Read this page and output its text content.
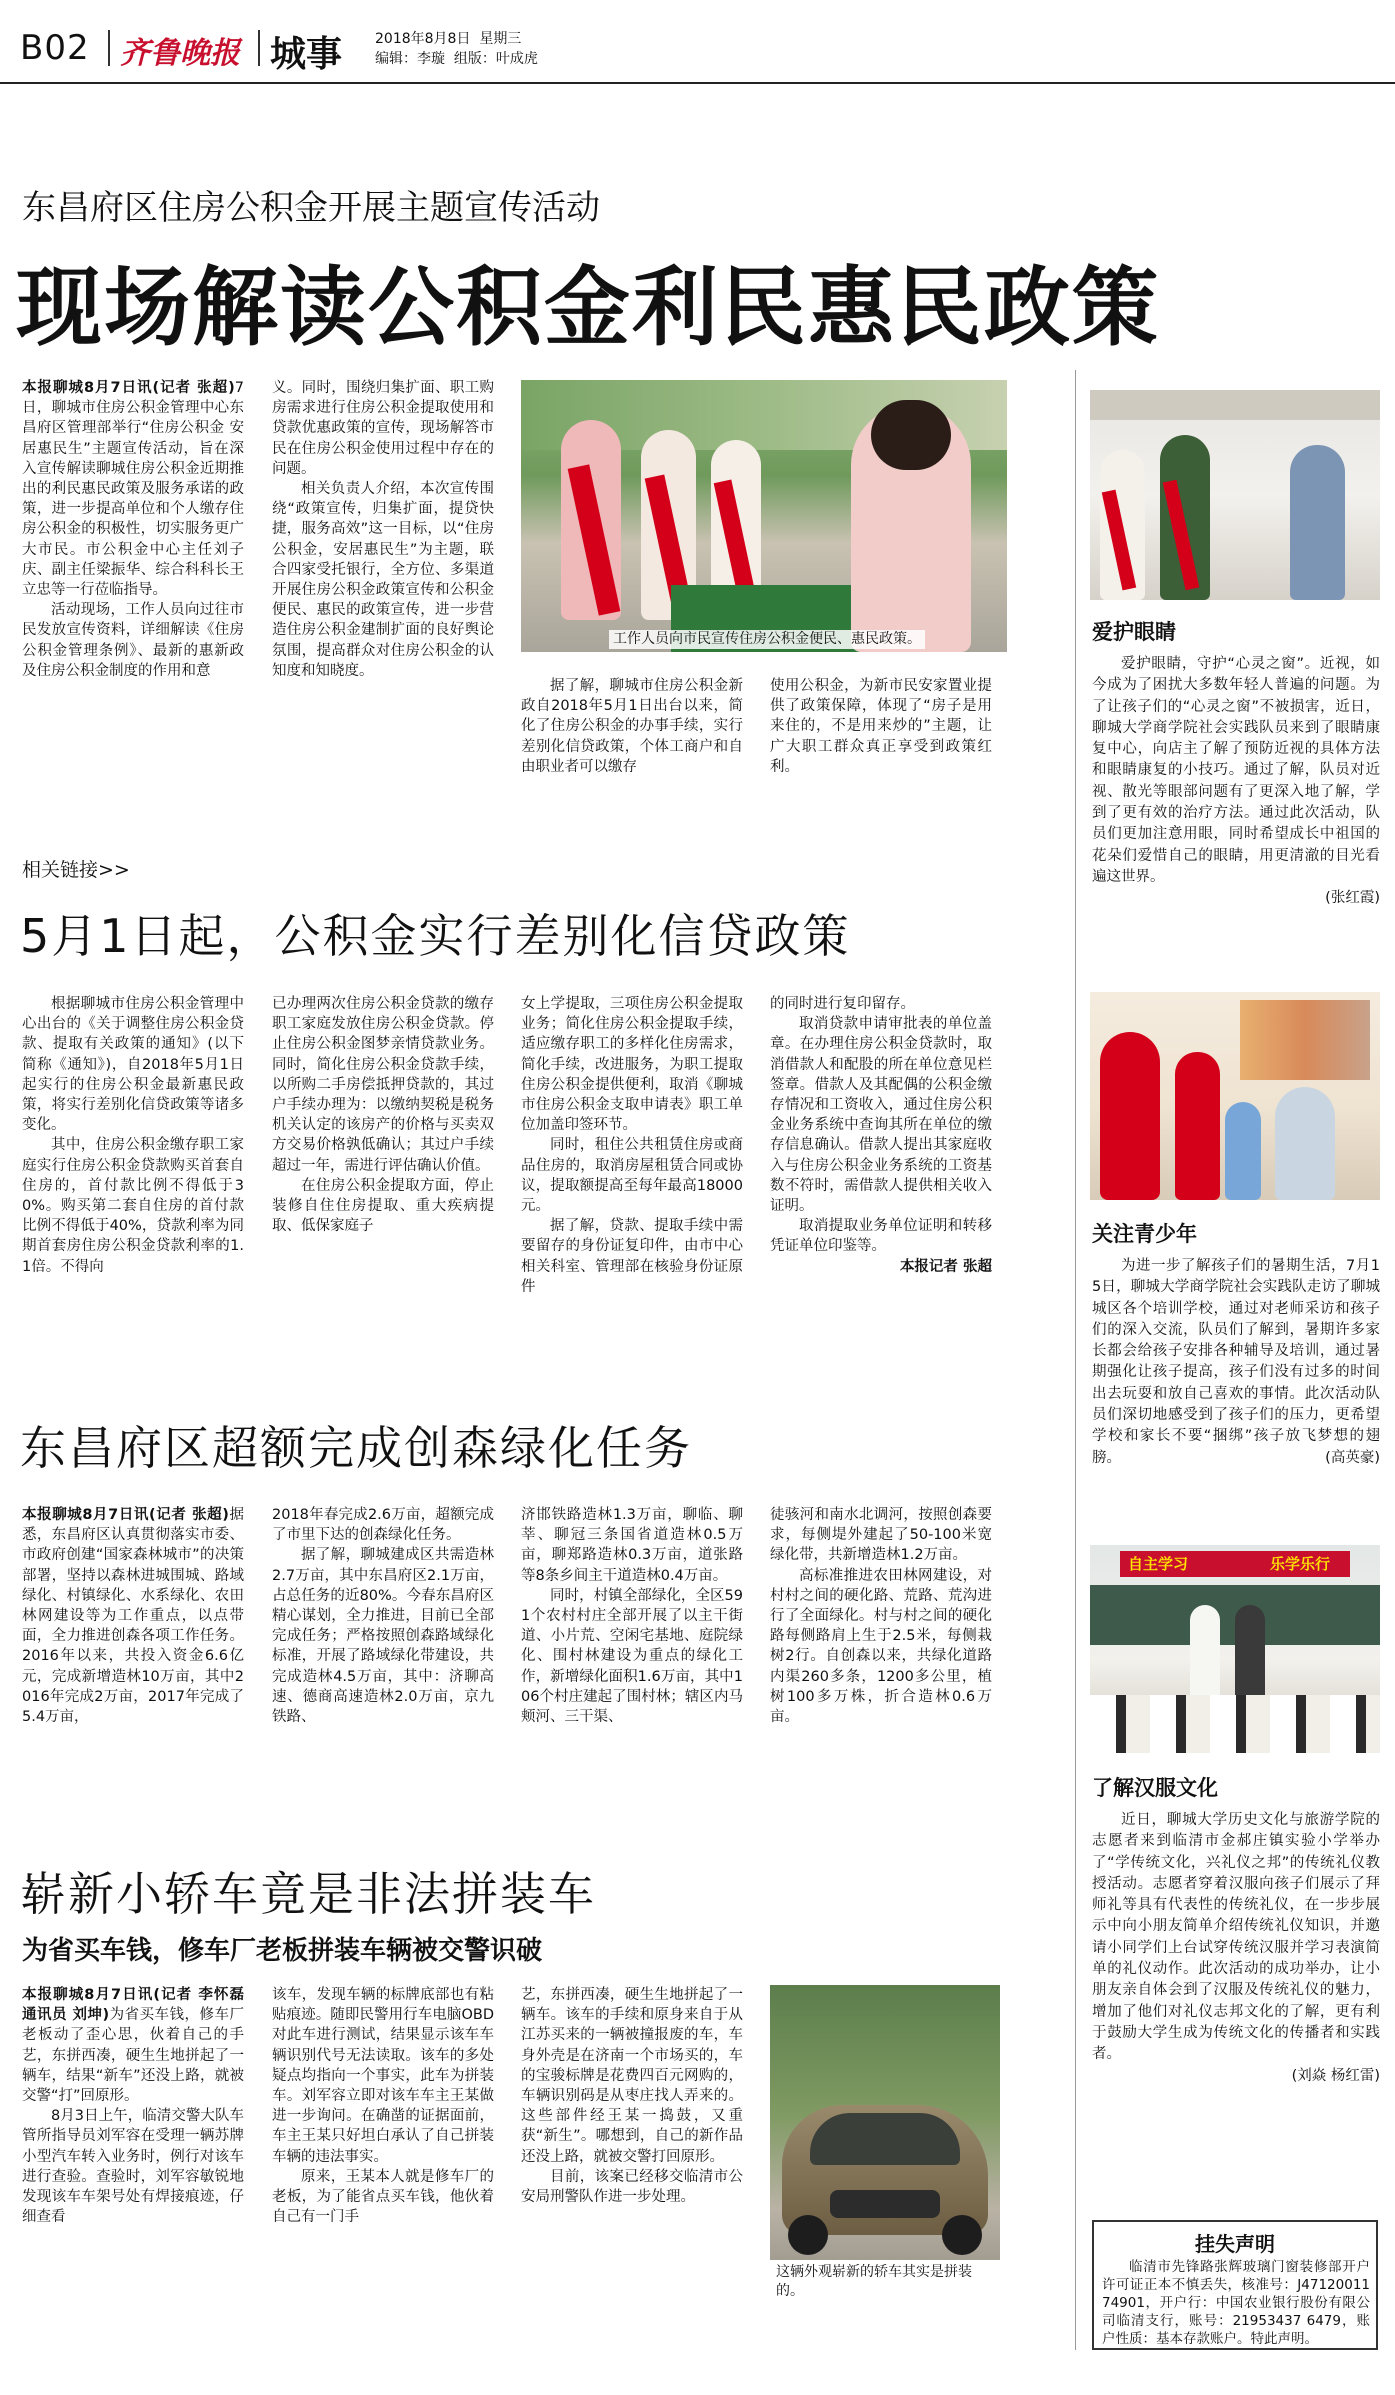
B02 齐鲁晚报 城事 2018年8月8日 星期三
编辑：李璇 组版：叶成虎
东昌府区住房公积金开展主题宣传活动
现场解读公积金利民惠民政策

本报聊城8月7日讯(记者 张超)7日，聊城市住房公积金管理中心东昌府区管理部举行“住房公积金 安居惠民生”主题宣传活动，旨在深入宣传解读聊城住房公积金近期推出的利民惠民政策及服务承诺的政策，进一步提高单位和个人缴存住房公积金的积极性，切实服务更广大市民。市公积金中心主任刘子庆、副主任梁振华、综合科科长王立忠等一行莅临指导。

活动现场，工作人员向过往市民发放宣传资料，详细解读《住房公积金管理条例》、最新的惠新政及住房公积金制度的作用和意

义。同时，围绕归集扩面、职工购房需求进行住房公积金提取使用和贷款优惠政策的宣传，现场解答市民在住房公积金使用过程中存在的问题。

相关负责人介绍，本次宣传围绕“政策宣传，归集扩面，提贷快捷，服务高效”这一目标，以“住房公积金，安居惠民生”为主题，联合四家受托银行，全方位、多渠道开展住房公积金政策宣传和公积金便民、惠民的政策宣传，进一步营造住房公积金建制扩面的良好舆论氛围，提高群众对住房公积金的认知度和知晓度。

工作人员向市民宣传住房公积金便民、惠民政策。

据了解，聊城市住房公积金新政自2018年5月1日出台以来，简化了住房公积金的办事手续，实行差别化信贷政策，个体工商户和自由职业者可以缴存

使用公积金，为新市民安家置业提供了政策保障，体现了“房子是用来住的，不是用来炒的”主题，让广大职工群众真正享受到政策红利。

相关链接>>
5月1日起，公积金实行差别化信贷政策

根据聊城市住房公积金管理中心出台的《关于调整住房公积金贷款、提取有关政策的通知》(以下简称《通知》)，自2018年5月1日起实行的住房公积金最新惠民政策，将实行差别化信贷政策等诸多变化。

其中，住房公积金缴存职工家庭实行住房公积金贷款购买首套自住房的，首付款比例不得低于30%。购买第二套自住房的首付款比例不得低于40%，贷款利率为同期首套房住房公积金贷款利率的1.1倍。不得向

已办理两次住房公积金贷款的缴存职工家庭发放住房公积金贷款。停止住房公积金图梦亲情贷款业务。同时，简化住房公积金贷款手续，以所购二手房偿抵押贷款的，其过户手续办理为：以缴纳契税是税务机关认定的该房产的价格与买卖双方交易价格孰低确认；其过户手续超过一年，需进行评估确认价值。

在住房公积金提取方面，停止装修自住住房提取、重大疾病提取、低保家庭子

女上学提取，三项住房公积金提取业务；简化住房公积金提取手续，适应缴存职工的多样化住房需求，简化手续，改进服务，为职工提取住房公积金提供便利，取消《聊城市住房公积金支取申请表》职工单位加盖印签环节。

同时，租住公共租赁住房或商品住房的，取消房屋租赁合同或协议，提取额提高至每年最高18000元。

据了解，贷款、提取手续中需要留存的身份证复印件，由市中心相关科室、管理部在核验身份证原件

的同时进行复印留存。

取消贷款申请审批表的单位盖章。在办理住房公积金贷款时，取消借款人和配股的所在单位意见栏签章。借款人及其配偶的公积金缴存情况和工资收入，通过住房公积金业务系统中查询其所在单位的缴存信息确认。借款人提出其家庭收入与住房公积金业务系统的工资基数不符时，需借款人提供相关收入证明。

取消提取业务单位证明和转移凭证单位印鉴等。

本报记者 张超

东昌府区超额完成创森绿化任务

本报聊城8月7日讯(记者 张超)据悉，东昌府区认真贯彻落实市委、市政府创建“国家森林城市”的决策部署，坚持以森林进城围城、路域绿化、村镇绿化、水系绿化、农田林网建设等为工作重点，以点带面，全力推进创森各项工作任务。2016年以来，共投入资金6.6亿元，完成新增造林10万亩，其中2016年完成2万亩，2017年完成了5.4万亩，

2018年春完成2.6万亩，超额完成了市里下达的创森绿化任务。

据了解，聊城建成区共需造林2.7万亩，其中东昌府区2.1万亩，占总任务的近80%。今春东昌府区精心谋划，全力推进，目前已全部完成任务；严格按照创森路域绿化标准，开展了路域绿化带建设，共完成造林4.5万亩，其中：济聊高速、德商高速造林2.0万亩，京九铁路、

济邯铁路造林1.3万亩，聊临、聊莘、聊冠三条国省道造林0.5万亩，聊郑路造林0.3万亩，道张路等8条乡间主干道造林0.4万亩。

同时，村镇全部绿化，全区591个农村村庄全部开展了以主干街道、小片荒、空闲宅基地、庭院绿化、围村林建设为重点的绿化工作，新增绿化面积1.6万亩，其中106个村庄建起了围村林；辖区内马颊河、三干渠、

徒骇河和南水北调河，按照创森要求，每侧堤外建起了50-100米宽绿化带，共新增造林1.2万亩。

高标准推进农田林网建设，对村村之间的硬化路、荒路、荒沟进行了全面绿化。村与村之间的硬化路每侧路肩上生于2.5米，每侧栽树2行。自创森以来，共绿化道路内渠260多条，1200多公里，植树100多万株，折合造林0.6万亩。

崭新小轿车竟是非法拼装车
为省买车钱，修车厂老板拼装车辆被交警识破

本报聊城8月7日讯(记者 李怀磊 通讯员 刘坤)为省买车钱，修车厂老板动了歪心思，伙着自己的手艺，东拼西凑，硬生生地拼起了一辆车，结果“新车”还没上路，就被交警“打”回原形。

8月3日上午，临清交警大队车管所指导员刘军容在受理一辆苏牌小型汽车转入业务时，例行对该车进行查验。查验时，刘军容敏锐地发现该车车架号处有焊接痕迹，仔细查看

该车，发现车辆的标牌底部也有粘贴痕迹。随即民警用行车电脑OBD对此车进行测试，结果显示该车车辆识别代号无法读取。该车的多处疑点均指向一个事实，此车为拼装车。刘军容立即对该车车主王某做进一步询问。在确凿的证据面前，车主王某只好坦白承认了自己拼装车辆的违法事实。

原来，王某本人就是修车厂的老板，为了能省点买车钱，他伙着自己有一门手

艺，东拼西凑，硬生生地拼起了一辆车。该车的手续和原身来自于从江苏买来的一辆被撞报废的车，车身外壳是在济南一个市场买的，车的宝骏标牌是花费四百元网购的，车辆识别码是从枣庄找人弄来的。这些部件经王某一捣鼓，又重获“新生”。哪想到，自己的新作品还没上路，就被交警打回原形。

目前，该案已经移交临清市公安局刑警队作进一步处理。

这辆外观崭新的轿车其实是拼装的。
爱护眼睛

爱护眼睛，守护“心灵之窗”。近视，如今成为了困扰大多数年轻人普遍的问题。为了让孩子们的“心灵之窗”不被损害，近日，聊城大学商学院社会实践队员来到了眼睛康复中心，向店主了解了预防近视的具体方法和眼睛康复的小技巧。通过了解，队员对近视、散光等眼部问题有了更深入地了解，学到了更有效的治疗方法。通过此次活动，队员们更加注意用眼，同时希望成长中祖国的花朵们爱惜自己的眼睛，用更清澈的目光看遍这世界。

(张红霞)

关注青少年

为进一步了解孩子们的暑期生活，7月15日，聊城大学商学院社会实践队走访了聊城城区各个培训学校，通过对老师采访和孩子们的深入交流，队员们了解到，暑期许多家长都会给孩子安排各种辅导及培训，通过暑期强化让孩子提高，孩子们没有过多的时间出去玩耍和放自己喜欢的事情。此次活动队员们深切地感受到了孩子们的压力，更希望学校和家长不要“捆绑”孩子放飞梦想的翅膀。	(高英豪)

自主学习	乐学乐行
了解汉服文化

近日，聊城大学历史文化与旅游学院的志愿者来到临清市金郝庄镇实验小学举办了“学传统文化，兴礼仪之邦”的传统礼仪教授活动。志愿者穿着汉服向孩子们展示了拜师礼等具有代表性的传统礼仪，在一步步展示中向小朋友简单介绍传统礼仪知识，并邀请小同学们上台试穿传统汉服并学习表演简单的礼仪动作。此次活动的成功举办，让小朋友亲自体会到了汉服及传统礼仪的魅力，增加了他们对礼仪志邦文化的了解，更有利于鼓励大学生成为传统文化的传播者和实践者。

(刘焱 杨红雷)

挂失声明

临清市先锋路张辉玻璃门窗装修部开户许可证正本不慎丢失，核准号：J4712001174901，开户行：中国农业银行股份有限公司临清支行，账号：21953437 6479，账户性质：基本存款账户。特此声明。
